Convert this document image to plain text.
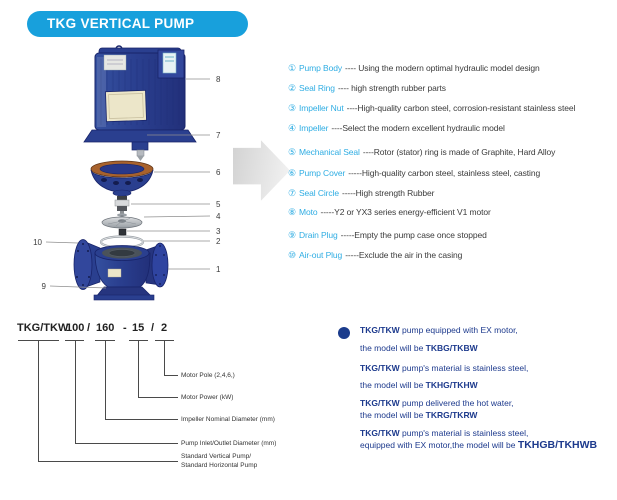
TKG VERTICAL PUMP
8
7
6
5
4
3
2
1
9
10
① Pump Body ---- Using the modern optimal hydraulic model design
② Seal Ring ---- high strength rubber parts
③ Impeller Nut ----High-quality carbon steel, corrosion-resistant stainless steel
④ Impeller ----Select the modern excellent hydraulic model
⑤ Mechanical Seal ----Rotor (stator) ring is made of Graphite, Hard Alloy
⑥ Pump Cover -----High-quality carbon steel, stainless steel, casting
⑦ Seal Circle -----High strength Rubber
⑧ Moto -----Y2 or YX3 series energy-efficient V1 motor
⑨ Drain Plug -----Empty the pump case once stopped
⑩ Air-out Plug -----Exclude the air in the casing
TKG/TKW
100 / 160 - 15 / 2
Motor Pole (2,4,6,)
Motor Power (kW)
Impeller Nominal Diameter (mm)
Pump Inlet/Outlet Diameter (mm)
Standard Vertical Pump/
Standard Horizontal Pump
TKG/TKW pump equipped with EX motor,
the model will be TKBG/TKBW
TKG/TKW pump's material is stainless steel,
the model will be TKHG/TKHW
TKG/TKW pump delivered the hot water,
the model will be TKRG/TKRW
TKG/TKW pump's material is stainless steel,
equipped with EX motor,the model will be TKHGB/TKHWB
